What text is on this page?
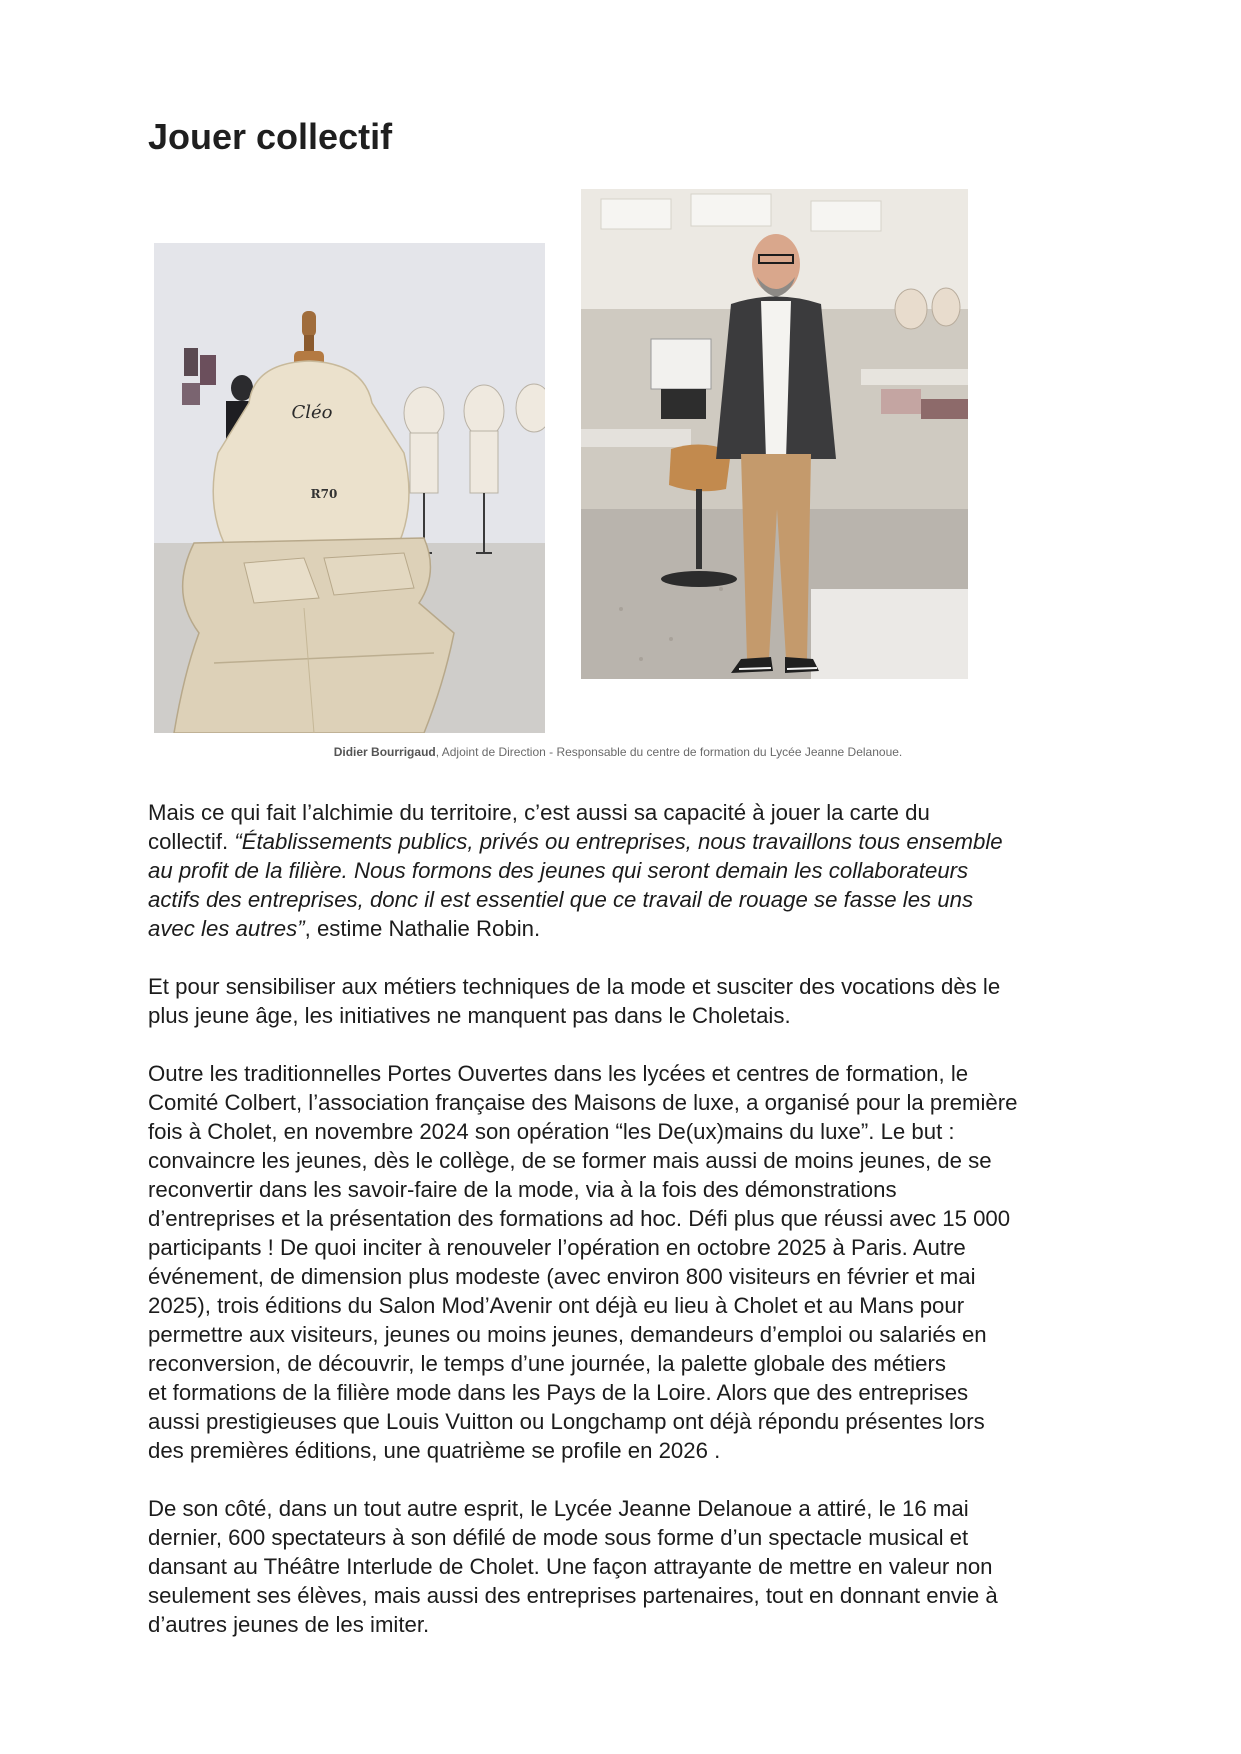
Jouer collectif
Cléo
R70
Didier Bourrigaud, Adjoint de Direction - Responsable du centre de formation du Lycée Jeanne Delanoue.

Mais ce qui fait l’alchimie du territoire, c’est aussi sa capacité à jouer la carte du
collectif. “Établissements publics, privés ou entreprises, nous travaillons tous ensemble
au profit de la filière. Nous formons des jeunes qui seront demain les collaborateurs
actifs des entreprises, donc il est essentiel que ce travail de rouage se fasse les uns
avec les autres”, estime Nathalie Robin.

Et pour sensibiliser aux métiers techniques de la mode et susciter des vocations dès le
plus jeune âge, les initiatives ne manquent pas dans le Choletais.

Outre les traditionnelles Portes Ouvertes dans les lycées et centres de formation, le
Comité Colbert, l’association française des Maisons de luxe, a organisé pour la première
fois à Cholet, en novembre 2024 son opération “les De(ux)mains du luxe”. Le but :
convaincre les jeunes, dès le collège, de se former mais aussi de moins jeunes, de se
reconvertir dans les savoir-faire de la mode, via à la fois des démonstrations
d’entreprises et la présentation des formations ad hoc. Défi plus que réussi avec 15 000
participants ! De quoi inciter à renouveler l’opération en octobre 2025 à Paris. Autre
événement, de dimension plus modeste (avec environ 800 visiteurs en février et mai
2025), trois éditions du Salon Mod’Avenir ont déjà eu lieu à Cholet et au Mans pour
permettre aux visiteurs, jeunes ou moins jeunes, demandeurs d’emploi ou salariés en
reconversion, de découvrir, le temps d’une journée, la palette globale des métiers
et formations de la filière mode dans les Pays de la Loire. Alors que des entreprises
aussi prestigieuses que Louis Vuitton ou Longchamp ont déjà répondu présentes lors
des premières éditions, une quatrième se profile en 2026 .

De son côté, dans un tout autre esprit, le Lycée Jeanne Delanoue a attiré, le 16 mai
dernier, 600 spectateurs à son défilé de mode sous forme d’un spectacle musical et
dansant au Théâtre Interlude de Cholet. Une façon attrayante de mettre en valeur non
seulement ses élèves, mais aussi des entreprises partenaires, tout en donnant envie à
d’autres jeunes de les imiter.
